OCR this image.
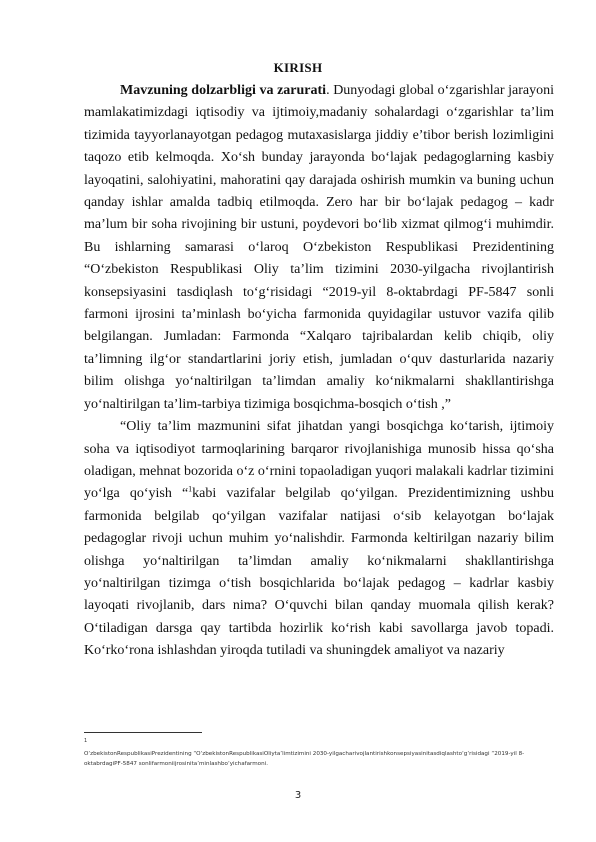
KIRISH

Mavzuning dolzarbligi va zarurati. Dunyodagi global o‘zgarishlar jarayoni mamlakatimizdagi iqtisodiy va ijtimoiy,madaniy sohalardagi o‘zgarishlar ta’lim tizimida tayyorlanayotgan pedagog mutaxasislarga jiddiy e’tibor berish lozimligini taqozo etib kelmoqda. Xo‘sh bunday jarayonda bo‘lajak pedagoglarning kasbiy layoqatini, salohiyatini, mahoratini qay darajada oshirish mumkin va buning uchun qanday ishlar amalda tadbiq etilmoqda. Zero har bir bo‘lajak pedagog – kadr ma’lum bir soha rivojining bir ustuni, poydevori bo‘lib xizmat qilmog‘i muhimdir. Bu ishlarning samarasi o‘laroq O‘zbekiston Respublikasi Prezidentining “O‘zbekiston Respublikasi Oliy ta’lim tizimini 2030-yilgacha rivojlantirish konsepsiyasini tasdiqlash to‘g‘risidagi “2019-yil 8-oktabrdagi PF-5847 sonli farmoni ijrosini ta’minlash bo‘yicha farmonida quyidagilar ustuvor vazifa qilib belgilangan. Jumladan: Farmonda “Xalqaro tajribalardan kelib chiqib, oliy ta’limning ilg‘or standartlarini joriy etish, jumladan o‘quv dasturlarida nazariy bilim olishga yo‘naltirilgan ta’limdan amaliy ko‘nikmalarni shakllantirishga yo‘naltirilgan ta’lim-tarbiya tizimiga bosqichma-bosqich o‘tish ,”

“Oliy ta’lim mazmunini sifat jihatdan yangi bosqichga ko‘tarish, ijtimoiy soha va iqtisodiyot tarmoqlarining barqaror rivojlanishiga munosib hissa qo‘sha oladigan, mehnat bozorida o‘z o‘rnini topaoladigan yuqori malakali kadrlar tizimini yo‘lga qo‘yish “$^1$kabi vazifalar belgilab qo‘yilgan. Prezidentimizning ushbu farmonida belgilab qo‘yilgan vazifalar natijasi o‘sib kelayotgan bo‘lajak pedagoglar rivoji uchun muhim yo‘nalishdir. Farmonda keltirilgan nazariy bilim olishga yo‘naltirilgan ta’limdan amaliy ko‘nikmalarni shakllantirishga yo‘naltirilgan tizimga o‘tish bosqichlarida bo‘lajak pedagog – kadrlar kasbiy layoqati rivojlanib, dars nima? O‘quvchi bilan qanday muomala qilish kerak? O‘tiladigan darsga qay tartibda hozirlik ko‘rish kabi savollarga javob topadi. Ko‘rko‘rona ishlashdan yiroqda tutiladi va shuningdek amaliyot va nazariy

$^1$
O‘zbekistonRespublikasiPrezidentining “O‘zbekistonRespublikasiOliyta’limtizimini 2030-yilgacharivojlantirishkonsepsiyasinitasdiqlashto‘g‘risidagi “2019-yil 8-oktabrdagiPF-5847 sonlifarmoniijrosinita’minlashbo‘yichafarmoni.
3
